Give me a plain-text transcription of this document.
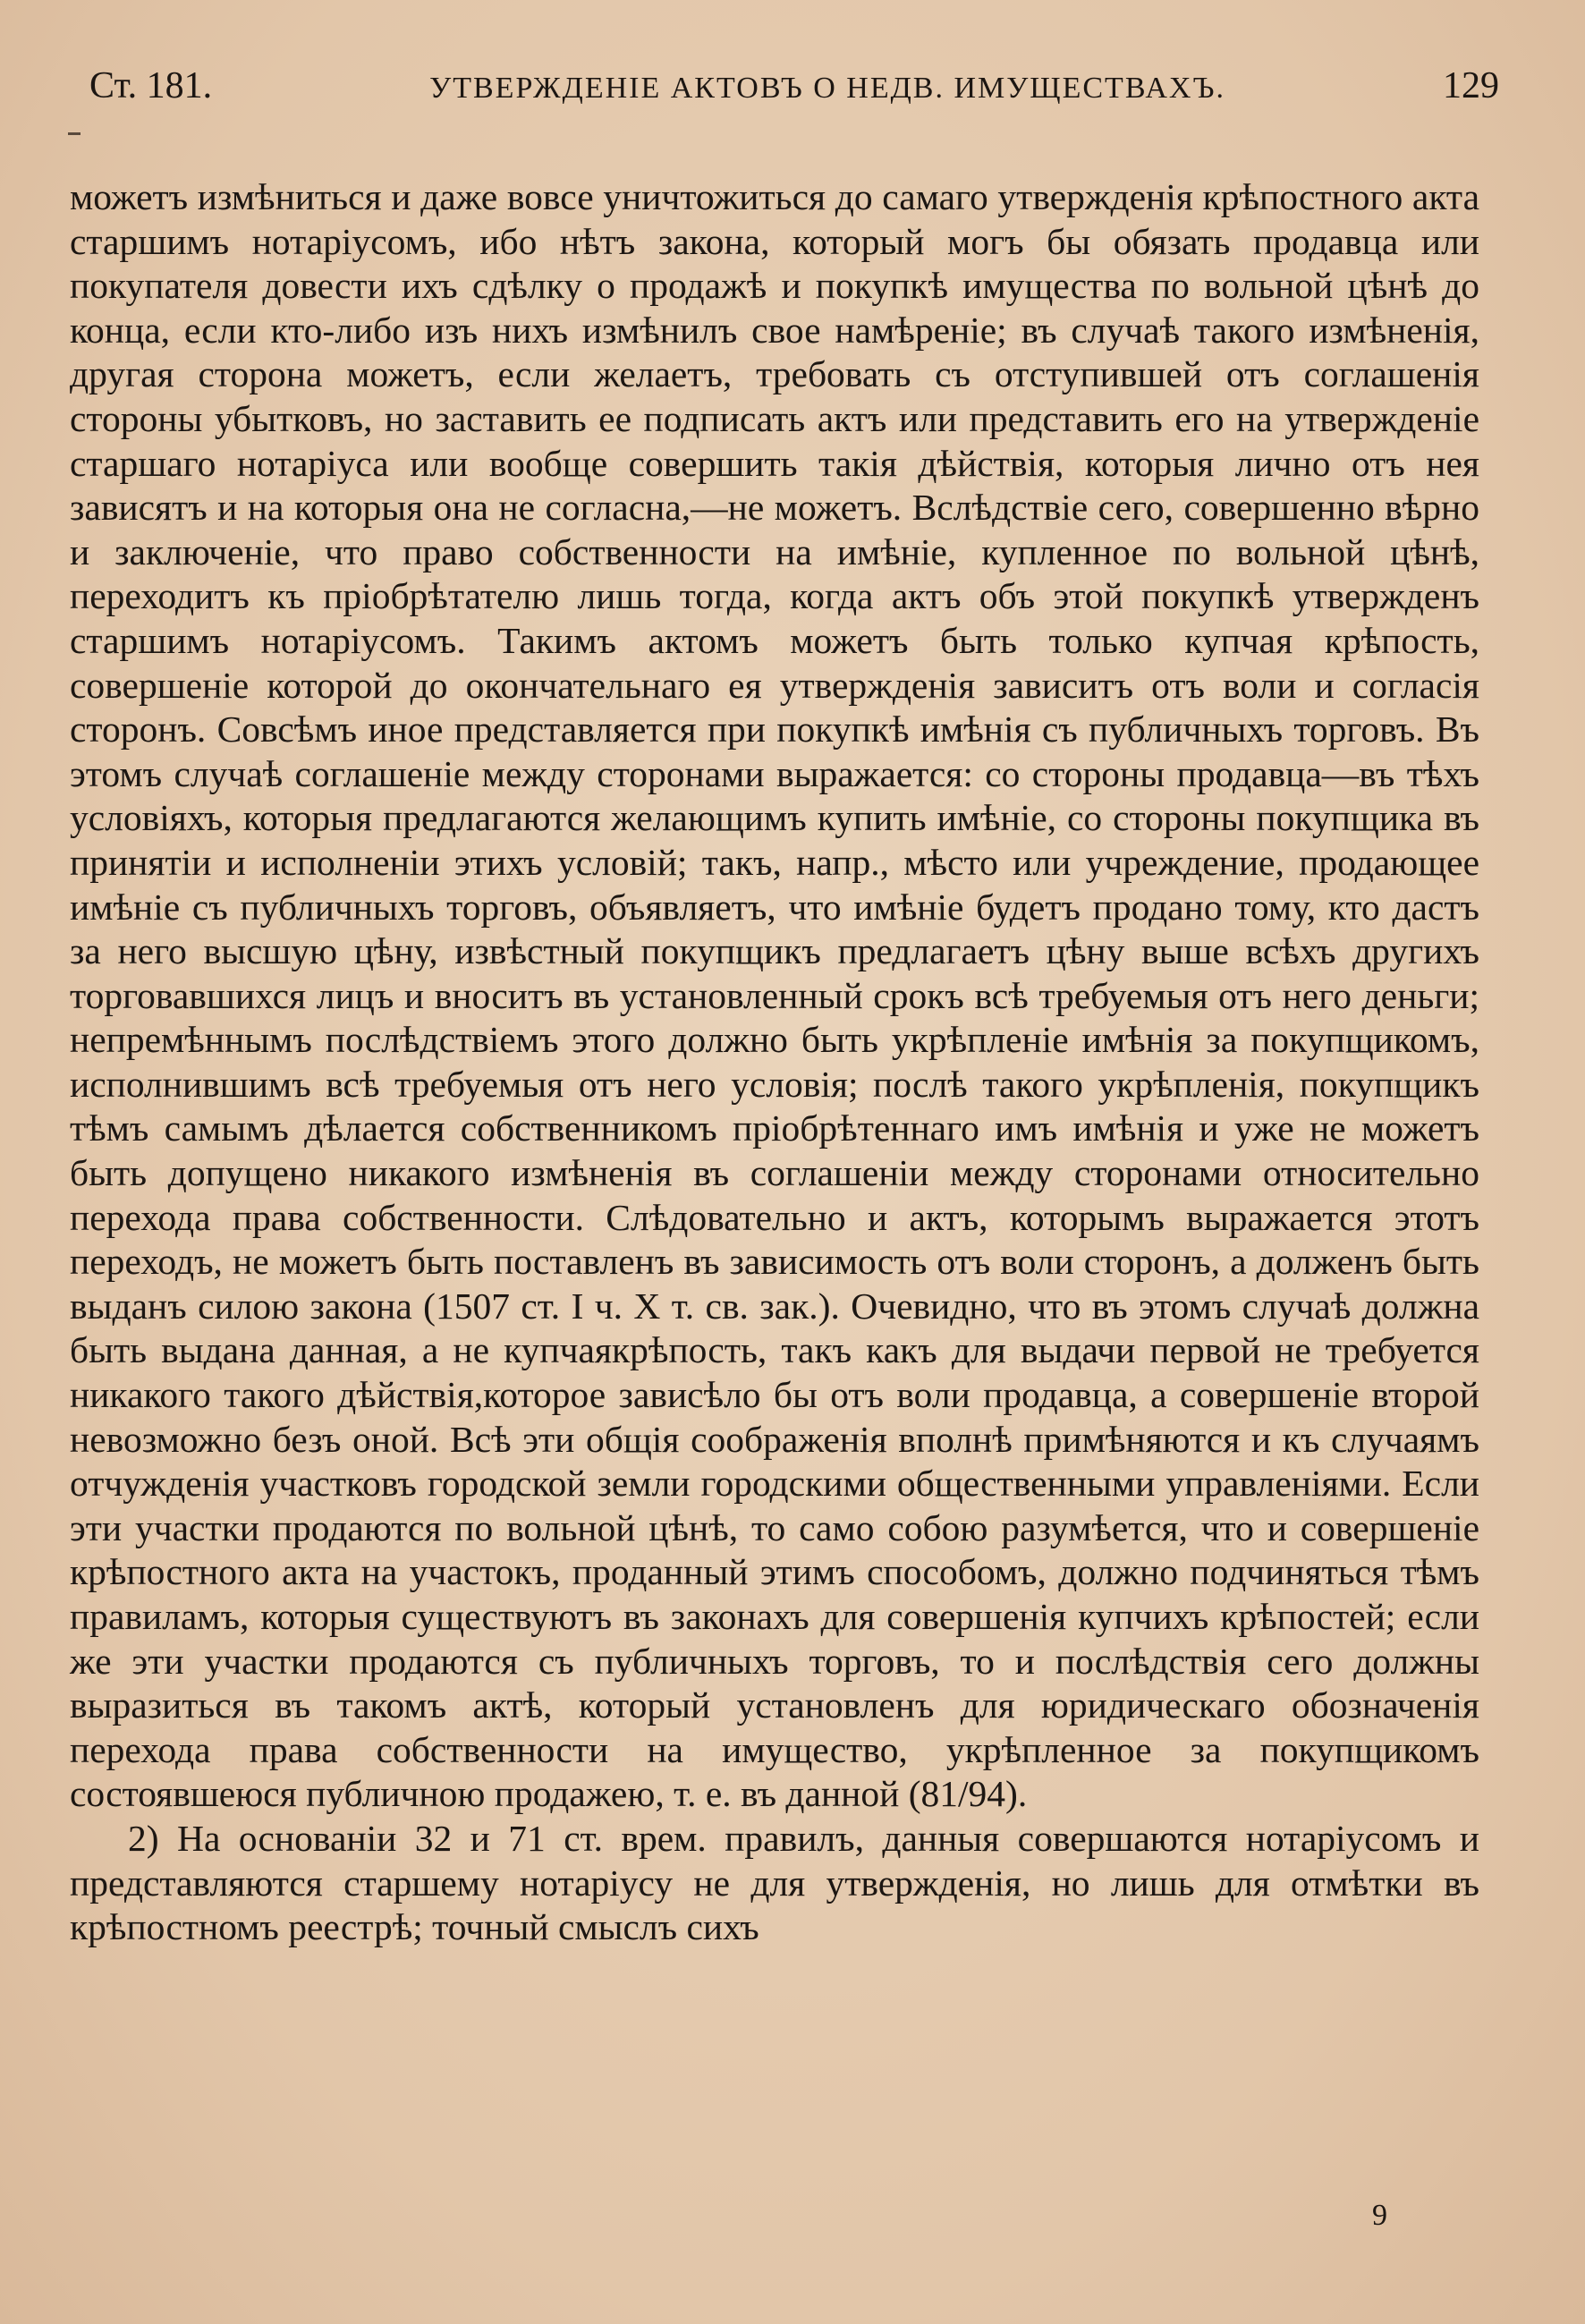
Ст. 181.	УТВЕРЖДЕНІЕ АКТОВЪ О НЕДВ. ИМУЩЕСТВАХЪ.	129

можетъ измѣниться и даже вовсе уничтожиться до самаго утвержденія крѣпостного акта старшимъ нотаріусомъ, ибо нѣтъ закона, который могъ бы обязать продавца или покупателя довести ихъ сдѣлку о продажѣ и покупкѣ имущества по вольной цѣнѣ до конца, если кто-либо изъ нихъ измѣнилъ свое намѣреніе; въ случаѣ такого измѣненія, другая сторона можетъ, если желаетъ, требовать съ отступившей отъ соглашенія стороны убытковъ, но заставить ее подписать актъ или представить его на утвержденіе старшаго нотаріуса или вообще совершить такія дѣйствія, которыя лично отъ нея зависятъ и на которыя она не согласна,—не можетъ. Вслѣдствіе сего, совершенно вѣрно и заключеніе, что право собственности на имѣніе, купленное по вольной цѣнѣ, переходитъ къ пріобрѣтателю лишь тогда, когда актъ объ этой покупкѣ утвержденъ старшимъ нотаріусомъ. Такимъ актомъ можетъ быть только купчая крѣпость, совершеніе которой до окончательнаго ея утвержденія зависитъ отъ воли и согласія сторонъ. Совсѣмъ иное представляется при покупкѣ имѣнія съ публичныхъ торговъ. Въ этомъ случаѣ соглашеніе между сторонами выражается: со стороны продавца—въ тѣхъ условіяхъ, которыя предлагаются желающимъ купить имѣніе, со стороны покупщика въ принятіи и исполненіи этихъ условій; такъ, напр., мѣсто или учреждение, продающее имѣніе съ публичныхъ торговъ, объявляетъ, что имѣніе будетъ продано тому, кто дастъ за него высшую цѣну, извѣстный покупщикъ предлагаетъ цѣну выше всѣхъ другихъ торговавшихся лицъ и вноситъ въ установленный срокъ всѣ требуемыя отъ него деньги; непремѣннымъ послѣдствіемъ этого должно быть укрѣпленіе имѣнія за покупщикомъ, исполнившимъ всѣ требуемыя отъ него условія; послѣ такого укрѣпленія, покупщикъ тѣмъ самымъ дѣлается собственникомъ пріобрѣтеннаго имъ имѣнія и уже не можетъ быть допущено никакого измѣненія въ соглашеніи между сторонами относительно перехода права собственности. Слѣдовательно и актъ, которымъ выражается этотъ переходъ, не можетъ быть поставленъ въ зависимость отъ воли сторонъ, а долженъ быть выданъ силою закона (1507 ст. I ч. X т. св. зак.). Очевидно, что въ этомъ случаѣ должна быть выдана данная, а не купчаякрѣпость, такъ какъ для выдачи первой не требуется никакого такого дѣйствія,которое зависѣло бы отъ воли продавца, а совершеніе второй невозможно безъ оной. Всѣ эти общія соображенія вполнѣ примѣняются и къ случаямъ отчужденія участковъ городской земли городскими общественными управленіями. Если эти участки продаются по вольной цѣнѣ, то само собою разумѣется, что и совершеніе крѣпостного акта на участокъ, проданный этимъ способомъ, должно подчиняться тѣмъ правиламъ, которыя существуютъ въ законахъ для совершенія купчихъ крѣпостей; если же эти участки продаются съ публичныхъ торговъ, то и послѣдствія сего должны выразиться въ такомъ актѣ, который установленъ для юридическаго обозначенія перехода права собственности на имущество, укрѣпленное за покупщикомъ состоявшеюся публичною продажею, т. е. въ данной (81/94).

2) На основаніи 32 и 71 ст. врем. правилъ, данныя совершаются нотаріусомъ и представляются старшему нотаріусу не для утвержденія, но лишь для отмѣтки въ крѣпостномъ реестрѣ; точный смыслъ сихъ

9
